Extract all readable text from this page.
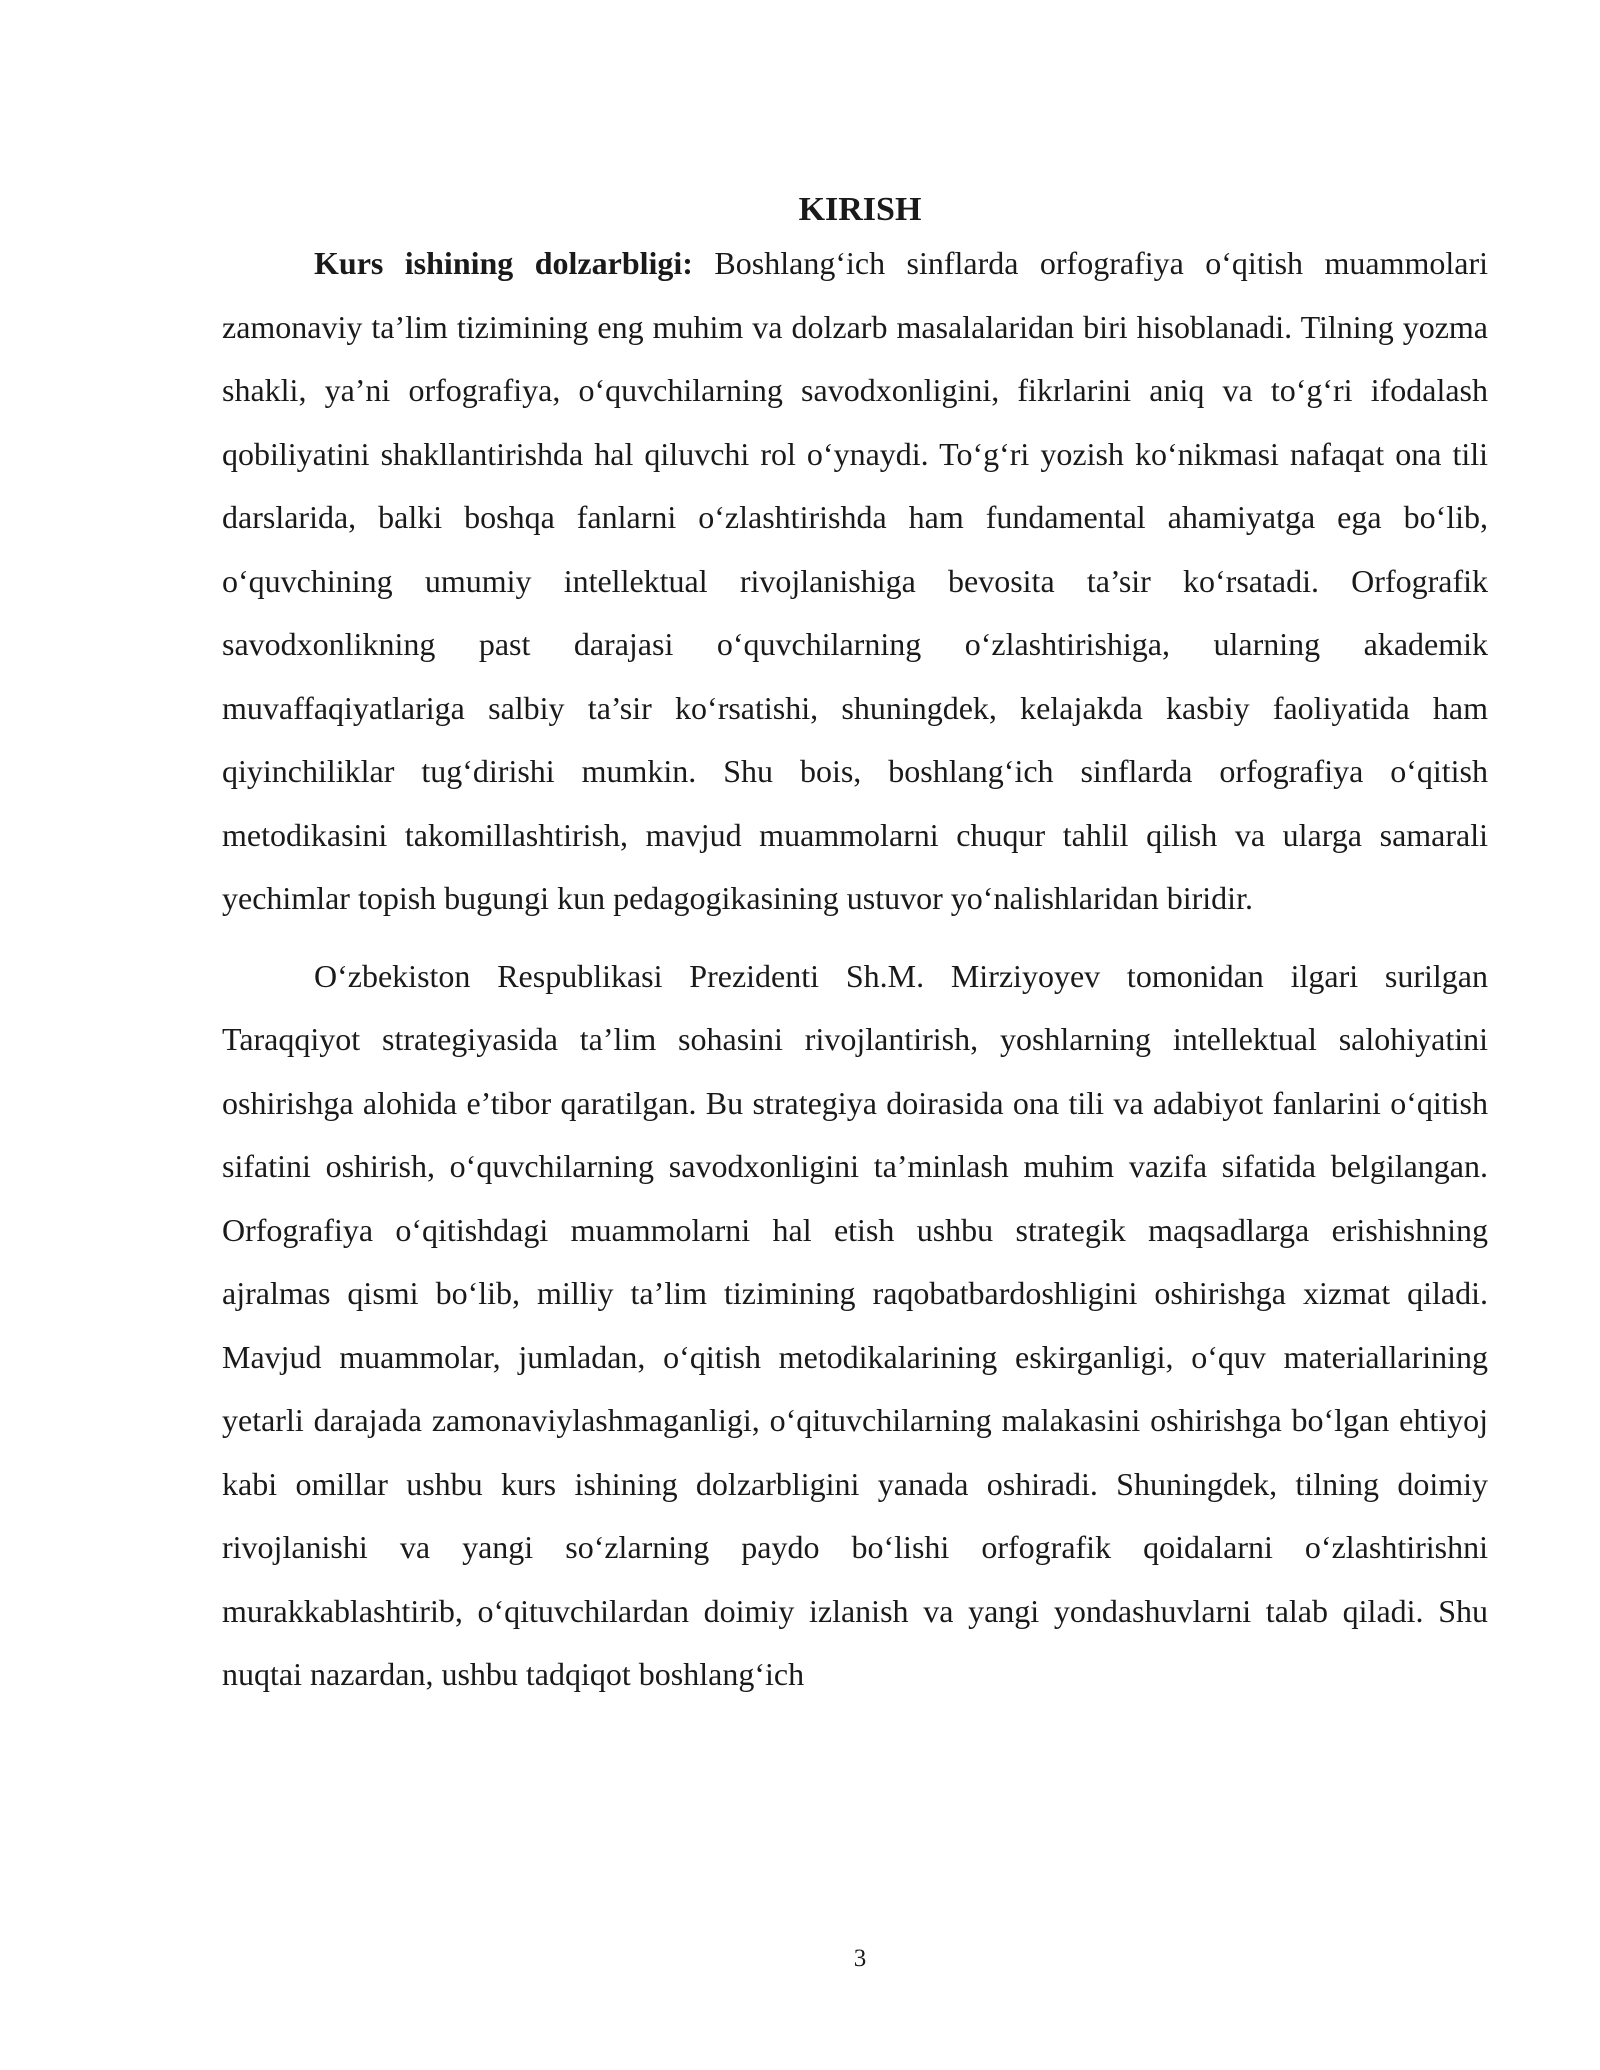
KIRISH

Kurs ishining dolzarbligi: Boshlang‘ich sinflarda orfografiya o‘qitish muammolari zamonaviy ta’lim tizimining eng muhim va dolzarb masalalaridan biri hisoblanadi. Tilning yozma shakli, ya’ni orfografiya, o‘quvchilarning savodxonligini, fikrlarini aniq va to‘g‘ri ifodalash qobiliyatini shakllantirishda hal qiluvchi rol o‘ynaydi. To‘g‘ri yozish ko‘nikmasi nafaqat ona tili darslarida, balki boshqa fanlarni o‘zlashtirishda ham fundamental ahamiyatga ega bo‘lib, o‘quvchining umumiy intellektual rivojlanishiga bevosita ta’sir ko‘rsatadi. Orfografik savodxonlikning past darajasi o‘quvchilarning o‘zlashtirishiga, ularning akademik muvaffaqiyatlariga salbiy ta’sir ko‘rsatishi, shuningdek, kelajakda kasbiy faoliyatida ham qiyinchiliklar tug‘dirishi mumkin. Shu bois, boshlang‘ich sinflarda orfografiya o‘qitish metodikasini takomillashtirish, mavjud muammolarni chuqur tahlil qilish va ularga samarali yechimlar topish bugungi kun pedagogikasining ustuvor yo‘nalishlaridan biridir.

O‘zbekiston Respublikasi Prezidenti Sh.M. Mirziyoyev tomonidan ilgari surilgan Taraqqiyot strategiyasida ta’lim sohasini rivojlantirish, yoshlarning intellektual salohiyatini oshirishga alohida e’tibor qaratilgan. Bu strategiya doirasida ona tili va adabiyot fanlarini o‘qitish sifatini oshirish, o‘quvchilarning savodxonligini ta’minlash muhim vazifa sifatida belgilangan. Orfografiya o‘qitishdagi muammolarni hal etish ushbu strategik maqsadlarga erishishning ajralmas qismi bo‘lib, milliy ta’lim tizimining raqobatbardoshligini oshirishga xizmat qiladi. Mavjud muammolar, jumladan, o‘qitish metodikalarining eskirganligi, o‘quv materiallarining yetarli darajada zamonaviylashmaganligi, o‘qituvchilarning malakasini oshirishga bo‘lgan ehtiyoj kabi omillar ushbu kurs ishining dolzarbligini yanada oshiradi. Shuningdek, tilning doimiy rivojlanishi va yangi so‘zlarning paydo bo‘lishi orfografik qoidalarni o‘zlashtirishni murakkablashtirib, o‘qituvchilardan doimiy izlanish va yangi yondashuvlarni talab qiladi. Shu nuqtai nazardan, ushbu tadqiqot boshlang‘ich

3
